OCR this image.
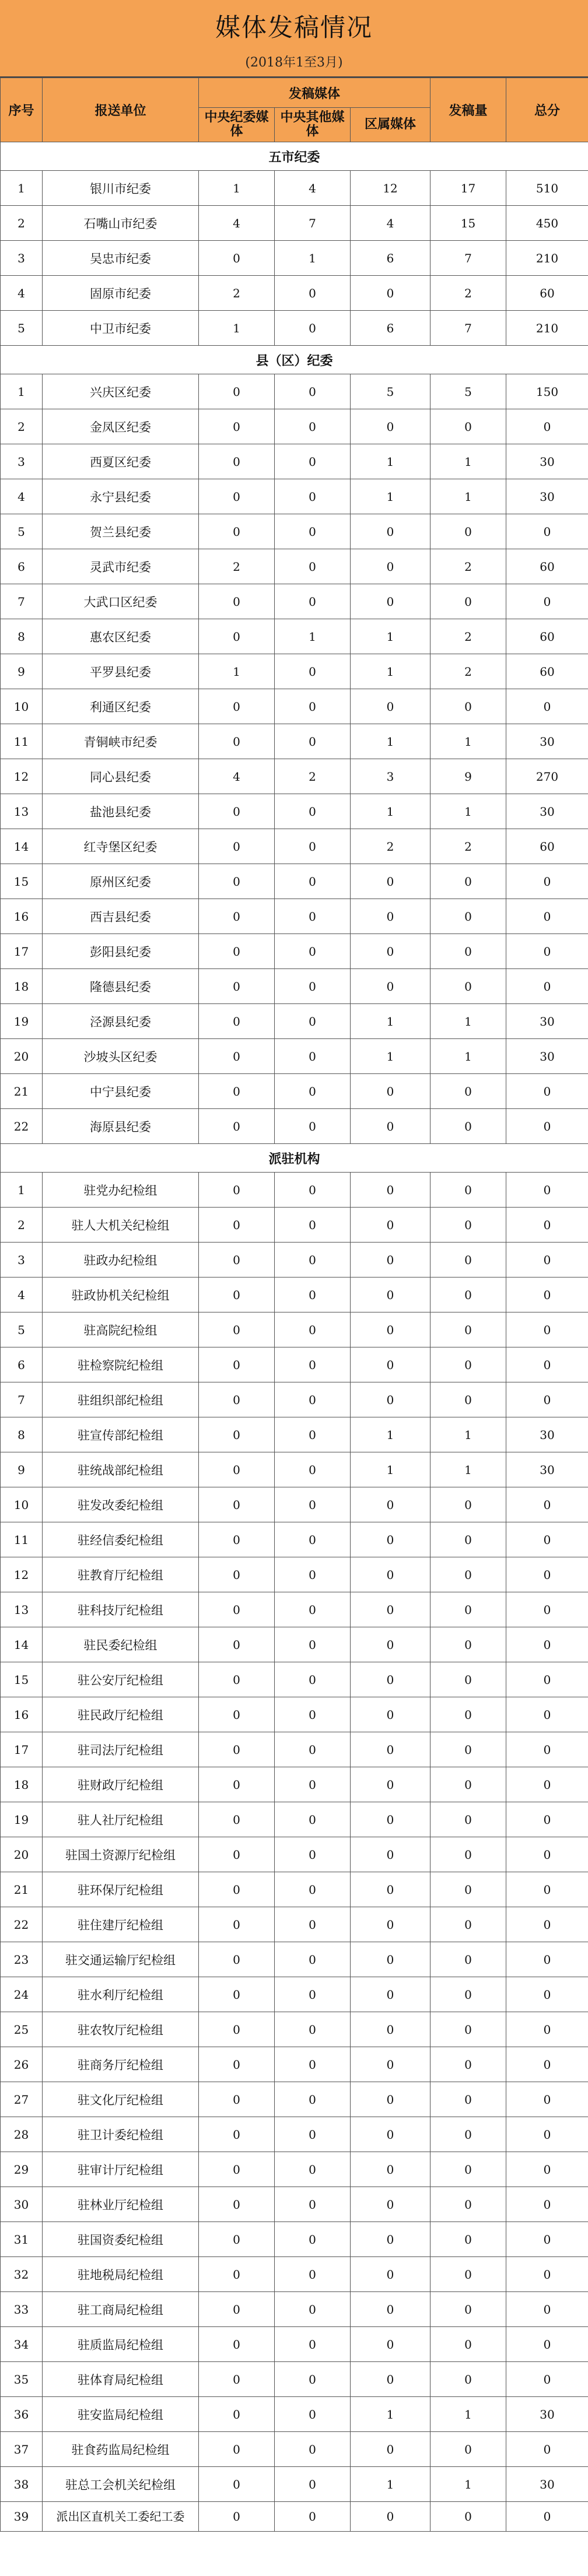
媒体发稿情况
(2018年1至3月)
序号	报送单位	发稿媒体			发稿量	总分
		中央纪委媒体	中央其他媒体	区属媒体		
五市纪委						
1	银川市纪委	1	4	12	17	510
2	石嘴山市纪委	4	7	4	15	450
3	吴忠市纪委	0	1	6	7	210
4	固原市纪委	2	0	0	2	60
5	中卫市纪委	1	0	6	7	210
县（区）纪委						
1	兴庆区纪委	0	0	5	5	150
2	金凤区纪委	0	0	0	0	0
3	西夏区纪委	0	0	1	1	30
4	永宁县纪委	0	0	1	1	30
5	贺兰县纪委	0	0	0	0	0
6	灵武市纪委	2	0	0	2	60
7	大武口区纪委	0	0	0	0	0
8	惠农区纪委	0	1	1	2	60
9	平罗县纪委	1	0	1	2	60
10	利通区纪委	0	0	0	0	0
11	青铜峡市纪委	0	0	1	1	30
12	同心县纪委	4	2	3	9	270
13	盐池县纪委	0	0	1	1	30
14	红寺堡区纪委	0	0	2	2	60
15	原州区纪委	0	0	0	0	0
16	西吉县纪委	0	0	0	0	0
17	彭阳县纪委	0	0	0	0	0
18	隆德县纪委	0	0	0	0	0
19	泾源县纪委	0	0	1	1	30
20	沙坡头区纪委	0	0	1	1	30
21	中宁县纪委	0	0	0	0	0
22	海原县纪委	0	0	0	0	0
派驻机构						
1	驻党办纪检组	0	0	0	0	0
2	驻人大机关纪检组	0	0	0	0	0
3	驻政办纪检组	0	0	0	0	0
4	驻政协机关纪检组	0	0	0	0	0
5	驻高院纪检组	0	0	0	0	0
6	驻检察院纪检组	0	0	0	0	0
7	驻组织部纪检组	0	0	0	0	0
8	驻宣传部纪检组	0	0	1	1	30
9	驻统战部纪检组	0	0	1	1	30
10	驻发改委纪检组	0	0	0	0	0
11	驻经信委纪检组	0	0	0	0	0
12	驻教育厅纪检组	0	0	0	0	0
13	驻科技厅纪检组	0	0	0	0	0
14	驻民委纪检组	0	0	0	0	0
15	驻公安厅纪检组	0	0	0	0	0
16	驻民政厅纪检组	0	0	0	0	0
17	驻司法厅纪检组	0	0	0	0	0
18	驻财政厅纪检组	0	0	0	0	0
19	驻人社厅纪检组	0	0	0	0	0
20	驻国土资源厅纪检组	0	0	0	0	0
21	驻环保厅纪检组	0	0	0	0	0
22	驻住建厅纪检组	0	0	0	0	0
23	驻交通运输厅纪检组	0	0	0	0	0
24	驻水利厅纪检组	0	0	0	0	0
25	驻农牧厅纪检组	0	0	0	0	0
26	驻商务厅纪检组	0	0	0	0	0
27	驻文化厅纪检组	0	0	0	0	0
28	驻卫计委纪检组	0	0	0	0	0
29	驻审计厅纪检组	0	0	0	0	0
30	驻林业厅纪检组	0	0	0	0	0
31	驻国资委纪检组	0	0	0	0	0
32	驻地税局纪检组	0	0	0	0	0
33	驻工商局纪检组	0	0	0	0	0
34	驻质监局纪检组	0	0	0	0	0
35	驻体育局纪检组	0	0	0	0	0
36	驻安监局纪检组	0	0	1	1	30
37	驻食药监局纪检组	0	0	0	0	0
38	驻总工会机关纪检组	0	0	1	1	30
39	派出区直机关工委纪工委	0	0	0	0	0
